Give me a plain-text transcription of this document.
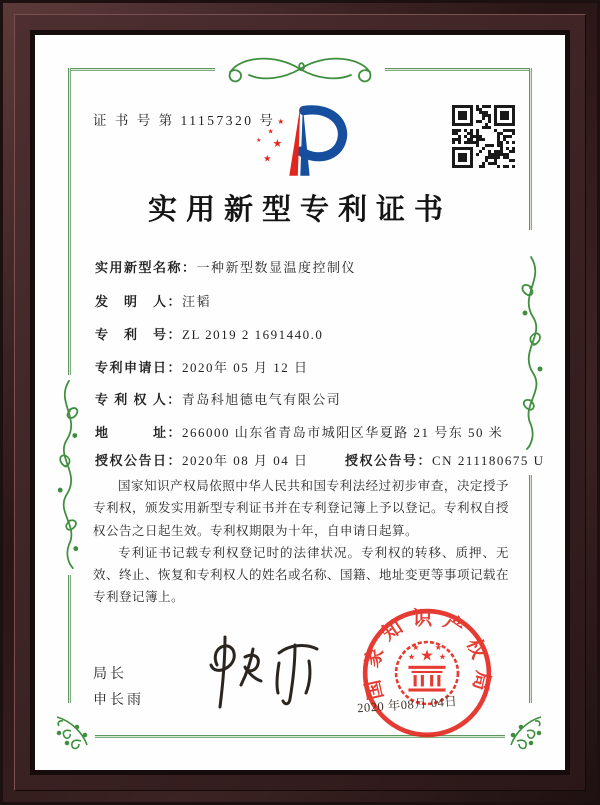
证 书 号 第 11157320 号 ★
★
★ ★
★
实用新型专利证书
实用新型名称：一种新型数显温度控制仪
发　明　人：汪韬
专　利　号：ZL 2019 2 1691440.0
专利申请日：2020年 05 月 12 日
专 利 权 人：青岛科旭德电气有限公司
地　　　址：266000 山东省青岛市城阳区华夏路 21 号东 50 米
授权公告日：2020年 08 月 04 日	授权公告号：CN 211180675 U

国家知识产权局依照中华人民共和国专利法经过初步审查，决定授予专利权，颁发实用新型专利证书并在专利登记簿上予以登记。专利权自授权公告之日起生效。专利权期限为十年，自申请日起算。

专利证书记载专利权登记时的法律状况。专利权的转移、质押、无效、终止、恢复和专利权人的姓名或名称、国籍、地址变更等事项记载在专利登记簿上。

局长
申长雨	国家知识产权局
★
★	★
★ ★
2020 年08月 04日
